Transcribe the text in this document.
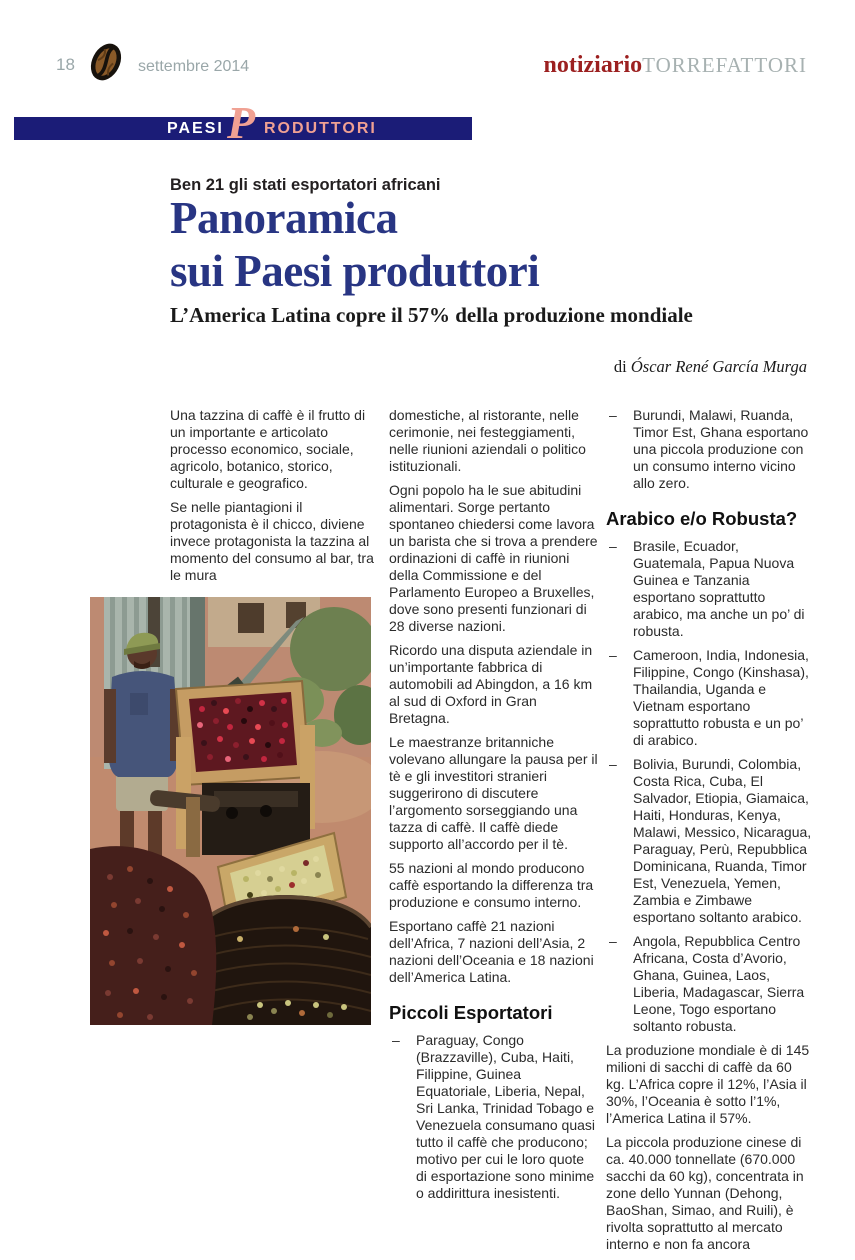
18	settembre 2014	notiziarioTORREFATTORI
PAESI P RODUTTORI
Ben 21 gli stati esportatori africani
Panoramica
sui Paesi produttori
L’America Latina copre il 57% della produzione mondiale
di Óscar René García Murga

Una tazzina di caffè è il frutto di un importante e articolato processo economico, sociale, agricolo, botanico, storico, culturale e geografico.

Se nelle piantagioni il protagonista è il chicco, diviene invece protagonista la tazzina al momento del consumo al bar, tra le mura

domestiche, al ristorante, nelle cerimonie, nei festeggiamenti, nelle riunioni aziendali o politico istituzionali.

Ogni popolo ha le sue abitudini alimentari. Sorge pertanto spontaneo chiedersi come lavora un barista che si trova a prendere ordinazioni di caffè in riunioni della Commissione e del Parlamento Europeo a Bruxelles, dove sono presenti funzionari di 28 diverse nazioni.

Ricordo una disputa aziendale in un’importante fabbrica di automobili ad Abingdon, a 16 km al sud di Oxford in Gran Bretagna.

Le maestranze britanniche volevano allungare la pausa per il tè e gli investitori stranieri suggerirono di discutere l’argomento sorseggiando una tazza di caffè. Il caffè diede supporto all’accordo per il tè.

55 nazioni al mondo producono caffè esportando la differenza tra produzione e consumo interno.

Esportano caffè 21 nazioni dell’Africa, 7 nazioni dell’Asia, 2 nazioni dell’Oceania e 18 nazioni dell’America Latina.

Piccoli Esportatori
– Paraguay, Congo (Brazzaville), Cuba, Haiti, Filippine, Guinea Equatoriale, Liberia, Nepal, Sri Lanka, Trinidad Tobago e Venezuela consumano quasi tutto il caffè che producono; motivo per cui le loro quote di esportazione sono minime o addirittura inesistenti.
– Burundi, Malawi, Ruanda, Timor Est, Ghana esportano una piccola produzione con un consumo interno vicino allo zero.
Arabico e/o Robusta?
– Brasile, Ecuador, Guatemala, Papua Nuova Guinea e Tanzania esportano soprattutto arabico, ma anche un po’ di robusta.
– Cameroon, India, Indonesia, Filippine, Congo (Kinshasa), Thailandia, Uganda e Vietnam esportano soprattutto robusta e un po’ di arabico.
– Bolivia, Burundi, Colombia, Costa Rica, Cuba, El Salvador, Etiopia, Giamaica, Haiti, Honduras, Kenya, Malawi, Messico, Nicaragua, Paraguay, Perù, Repubblica Dominicana, Ruanda, Timor Est, Venezuela, Yemen, Zambia e Zimbawe esportano soltanto arabico.
– Angola, Repubblica Centro Africana, Costa d’Avorio, Ghana, Guinea, Laos, Liberia, Madagascar, Sierra Leone, Togo esportano soltanto robusta.

La produzione mondiale è di 145 milioni di sacchi di caffè da 60 kg. L’Africa copre il 12%, l’Asia il 30%, l’Oceania è sotto l’1%, l’America Latina il 57%.

La piccola produzione cinese di ca. 40.000 tonnellate (670.000 sacchi da 60 kg), concentrata in zone dello Yunnan (Dehong, BaoShan, Simao, and Ruili), è rivolta soprattutto al mercato interno e non fa ancora
